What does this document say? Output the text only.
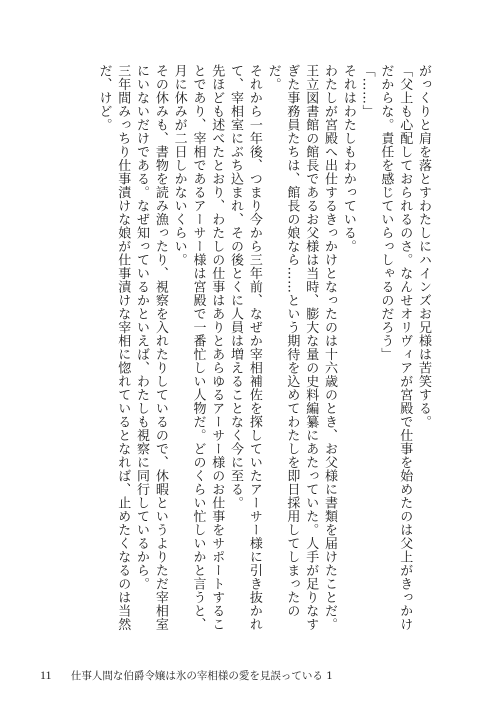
がっくりと肩を落とすわたしにハインズお兄様は苦笑する。

「父上も心配しておられるのさ。なんせオリヴィアが宮殿で仕事を始めたのは父上がきっかけだからな。責任を感じていらっしゃるのだろう」

「……」

それはわたしもわかっている。

わたしが宮殿へ出仕するきっかけとなったのは十六歳のとき、お父様に書類を届けたことだ。

王立図書館の館長であるお父様は当時、膨大な量の史料編纂にあたっていた。人手が足りなすぎた事務員たちは、館長の娘なら……という期待を込めてわたしを即日採用してしまったのだ。

それから一年後、つまり今から三年前、なぜか宰相補佐を探していたアーサー様に引き抜かれて、宰相室にぶち込まれ、その後とくに人員は増えることなく今に至る。

先ほども述べたとおり、わたしの仕事はありとあらゆるアーサー様のお仕事をサポートすることであり、宰相であるアーサー様は宮殿で一番忙しい人物だ。どのくらい忙しいかと言うと、月に休みが二日しかないくらい。

その休みも、書物を読み漁ったり、視察を入れたりしているので、休暇というよりただ宰相室にいないだけである。なぜ知っているかといえば、わたしも視察に同行しているから。

三年間みっちり仕事漬けな娘が仕事漬けな宰相に惚れているとなれば、止めたくなるのは当然だ、けど。

11 仕事人間な伯爵令嬢は氷の宰相様の愛を見誤っている 1
